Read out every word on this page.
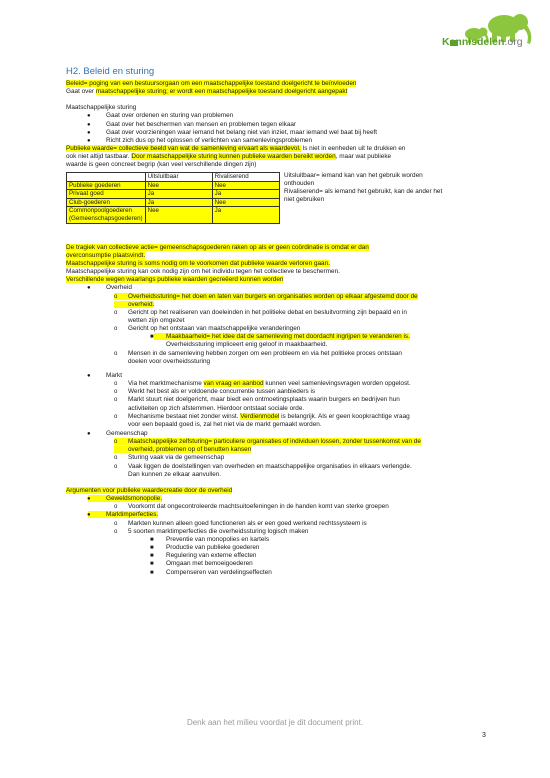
Kennisdelen.org
H2. Beleid en sturing
Beleid= poging van een bestuursorgaan om een maatschappelijke toestand doelgericht te beïnvloeden
Gaat over maatschappelijke sturing; er wordt een maatschappelijke toestand doelgericht aangepakt
Maatschappelijke sturing
● Gaat over ordenen en sturing van problemen
● Gaat over het beschermen van mensen en problemen tegen elkaar
● Gaat over voorzieningen waar iemand het belang niet van inziet, maar iemand wel baat bij heeft
● Richt zich dus op het oplossen of verlichten van samenlevingsproblemen
Publieke waarde= collectieve beeld van wat de samenleving ervaart als waardevol. Is niet in eenheden uit te drukken en
ook niet altijd tastbaar. Door maatschappelijke sturing kunnen publieke waarden bereikt worden, maar wat publieke
waarde is geen concreet begrip (kan veel verschillende dingen zijn)
	Uitsluitbaar	Rivaliserend
Publieke goederen	Nee	Nee
Privaat goed	Ja	Ja
Club-goederen	Ja	Nee
Commonpoolgoederen (Gemeenschapsgoederen)	Nee	Ja
Uitsluitbaar= iemand kan van het gebruik worden
onthouden
Rivaliserend= als iemand het gebruikt, kan de ander het
niet gebruiken
De tragiek van collectieve actie= gemeenschapsgoederen raken op als er geen coördinatie is omdat er dan
overconsumptie plaatsvindt.
Maatschappelijke sturing is soms nodig om te voorkomen dat publieke waarde verloren gaan.
Maatschappelijke sturing kan ook nodig zijn om het individu tegen het collectieve te beschermen.
Verschillende wegen waarlangs publieke waarden gecreëerd kunnen worden
● Overheid
o Overheidssturing= het doen en laten van burgers en organisaties worden op elkaar afgestemd door de
overheid.
o Gericht op het realiseren van doeleinden in het politieke debat en besluitvorming zijn bepaald en in
wetten zijn omgezet
o Gericht op het ontstaan van maatschappelijke veranderingen
■ Maakbaarheid= het idee dat de samenleving met doordacht ingrijpen te veranderen is.
Overheidssturing impliceert enig geloof in maakbaarheid.
o Mensen in de samenleving hebben zorgen om een probleem en via het politieke proces ontstaan
doelen voor overheidssturing
● Markt
o Via het marktmechanisme van vraag en aanbod kunnen veel samenlevingsvragen worden opgelost.
o Werkt het best als er voldoende concurrentie tussen aanbieders is
o Markt stuurt niet doelgericht, maar biedt een ontmoetingsplaats waarin burgers en bedrijven hun
activiteiten op zich afstemmen. Hierdoor ontstaat sociale orde.
o Mechanisme bestaat niet zonder winst. Verdienmodel is belangrijk. Als er geen koopkrachtige vraag
voor een bepaald goed is, zal het niet via de markt gemaakt worden.
● Gemeenschap
o Maatschappelijke zelfsturing= particuliere organisaties of individuen lossen, zonder tussenkomst van de
overheid, problemen op of benutten kansen
o Sturing vaak via de gemeenschap
o Vaak liggen de doelstellingen van overheden en maatschappelijke organisaties in elkaars verlengde.
Dan kunnen ze elkaar aanvullen.
Argumenten voor publieke waardecreatie door de overheid
● Geweldsmonopolie.
o Voorkomt dat ongecontroleerde machtsuitoefeningen in de handen komt van sterke groepen
● Marktimperfecties.
o Markten kunnen alleen goed functioneren als er een goed werkend rechtssysteem is
o 5 soorten marktimperfecties die overheidssturing logisch maken
■ Preventie van monopolies en kartels
■ Productie van publieke goederen
■ Regulering van externe effecten
■ Omgaan met bemoeigoederen
■ Compenseren van verdelingseffecten
Denk aan het milieu voordat je dit document print.
3
